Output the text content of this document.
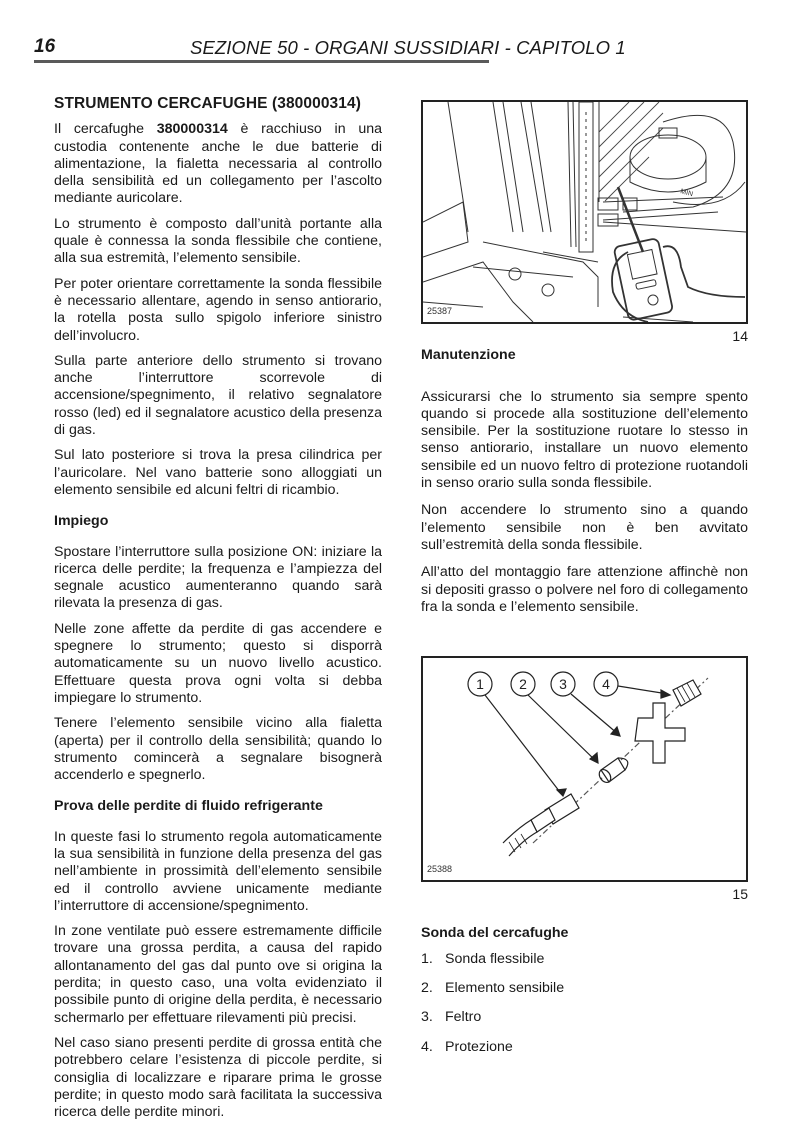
16	SEZIONE 50 - ORGANI SUSSIDIARI - CAPITOLO 1
STRUMENTO CERCAFUGHE (380000314)

Il cercafughe 380000314 è racchiuso in una custodia contenente anche le due batterie di alimentazione, la fialetta necessaria al controllo della sensibilità ed un collegamento per l’ascolto mediante auricolare.

Lo strumento è composto dall’unità portante alla quale è connessa la sonda flessibile che contiene, alla sua estremità, l’elemento sensibile.

Per poter orientare correttamente la sonda flessibile è necessario allentare, agendo in senso antiorario, la rotella posta sullo spigolo inferiore sinistro dell’involucro.

Sulla parte anteriore dello strumento si trovano anche l’interruttore scorrevole di accensione/spegnimento, il relativo segnalatore rosso (led) ed il segnalatore acustico della presenza di gas.

Sul lato posteriore si trova la presa cilindrica per l’auricolare. Nel vano batterie sono alloggiati un elemento sensibile ed alcuni feltri di ricambio.

Impiego

Spostare l’interruttore sulla posizione ON: iniziare la ricerca delle perdite; la frequenza e l’ampiezza del segnale acustico aumenteranno quando sarà rilevata la presenza di gas.

Nelle zone affette da perdite di gas accendere e spegnere lo strumento; questo si disporrà automaticamente su un nuovo livello acustico. Effettuare questa prova ogni volta si debba impiegare lo strumento.

Tenere l’elemento sensibile vicino alla fialetta (aperta) per il controllo della sensibilità; quando lo strumento comincerà a segnalare bisognerà accenderlo e spegnerlo.

Prova delle perdite di fluido refrigerante

In queste fasi lo strumento regola automaticamente la sua sensibilità in funzione della presenza del gas nell’ambiente in prossimità dell’elemento sensibile ed il controllo avviene unicamente mediante l’interruttore di accensione/spegnimento.

In zone ventilate può essere estremamente difficile trovare una grossa perdita, a causa del rapido allontanamento del gas dal punto ove si origina la perdita; in questo caso, una volta evidenziato il possibile punto di origine della perdita, è necessario schermarlo per effettuare rilevamenti più precisi.

Nel caso siano presenti perdite di grossa entità che potrebbero celare l’esistenza di piccole perdite, si consiglia di localizzare e riparare prima le grosse perdite; in questo modo sarà facilitata la successiva ricerca delle perdite minori.

MIN
25387
14
Manutenzione

Assicurarsi che lo strumento sia sempre spento quando si procede alla sostituzione dell’elemento sensibile. Per la sostituzione ruotare lo stesso in senso antiorario, installare un nuovo elemento sensibile ed un nuovo feltro di protezione ruotandoli in senso orario sulla sonda flessibile.

Non accendere lo strumento sino a quando l’elemento sensibile non è ben avvitato sull’estremità della sonda flessibile.

All’atto del montaggio fare attenzione affinchè non si depositi grasso o polvere nel foro di collegamento fra la sonda e l’elemento sensibile.

1	2 3	4
25388
15
Sonda del cercafughe
1. Sonda flessibile
2. Elemento sensibile
3. Feltro
4. Protezione
